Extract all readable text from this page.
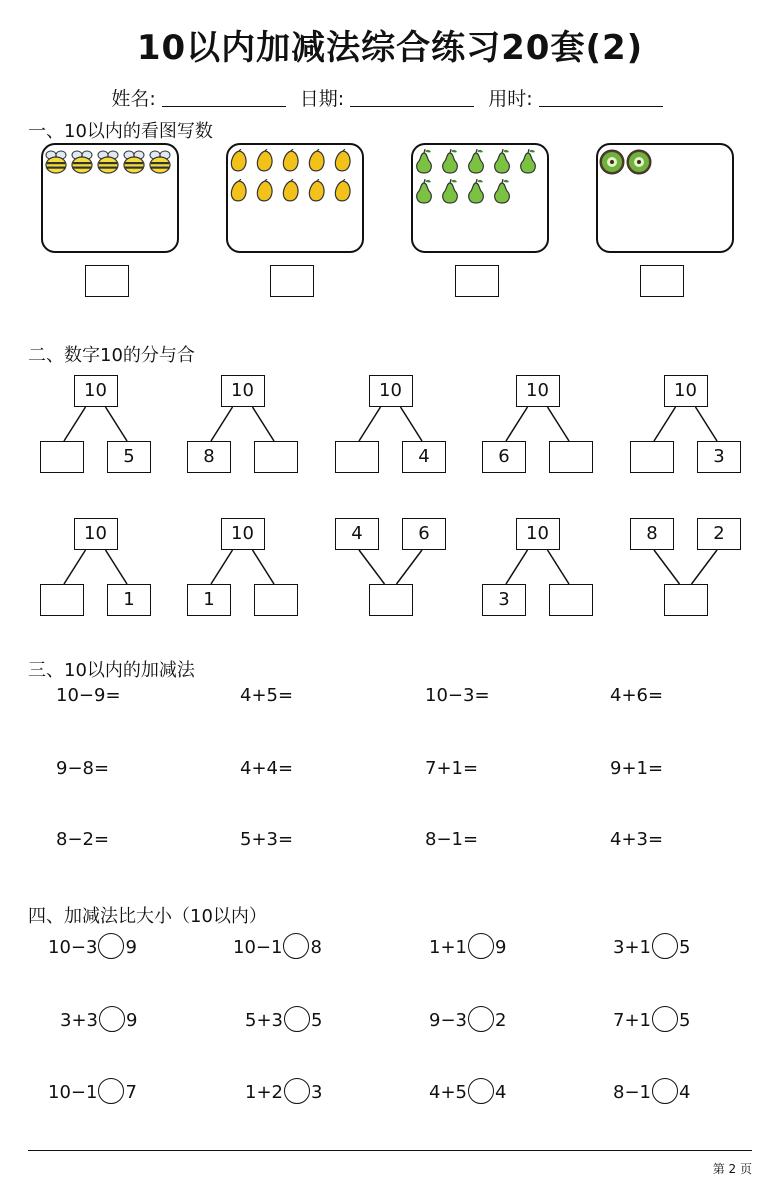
10以内加减法综合练习20套(2)
姓名:	日期:	用时:
一、10以内的看图写数
二、数字10的分与合
10
5
10
8
10
4
10
6
10
3
10
1
10
1
4	6	10
3
8	2
三、10以内的加减法
10−9=	4+5=	10−3=	4+6=
9−8=	4+4=	7+1=	9+1=
8−2=	5+3=	8−1=	4+3=
四、加减法比大小（10以内）
10−3 9	10−1 8	1+1 9	3+1 5
3+3 9	5+3 5	9−3 2	7+1 5
10−1 7	1+2 3	4+5 4	8−1 4
第 2 页
